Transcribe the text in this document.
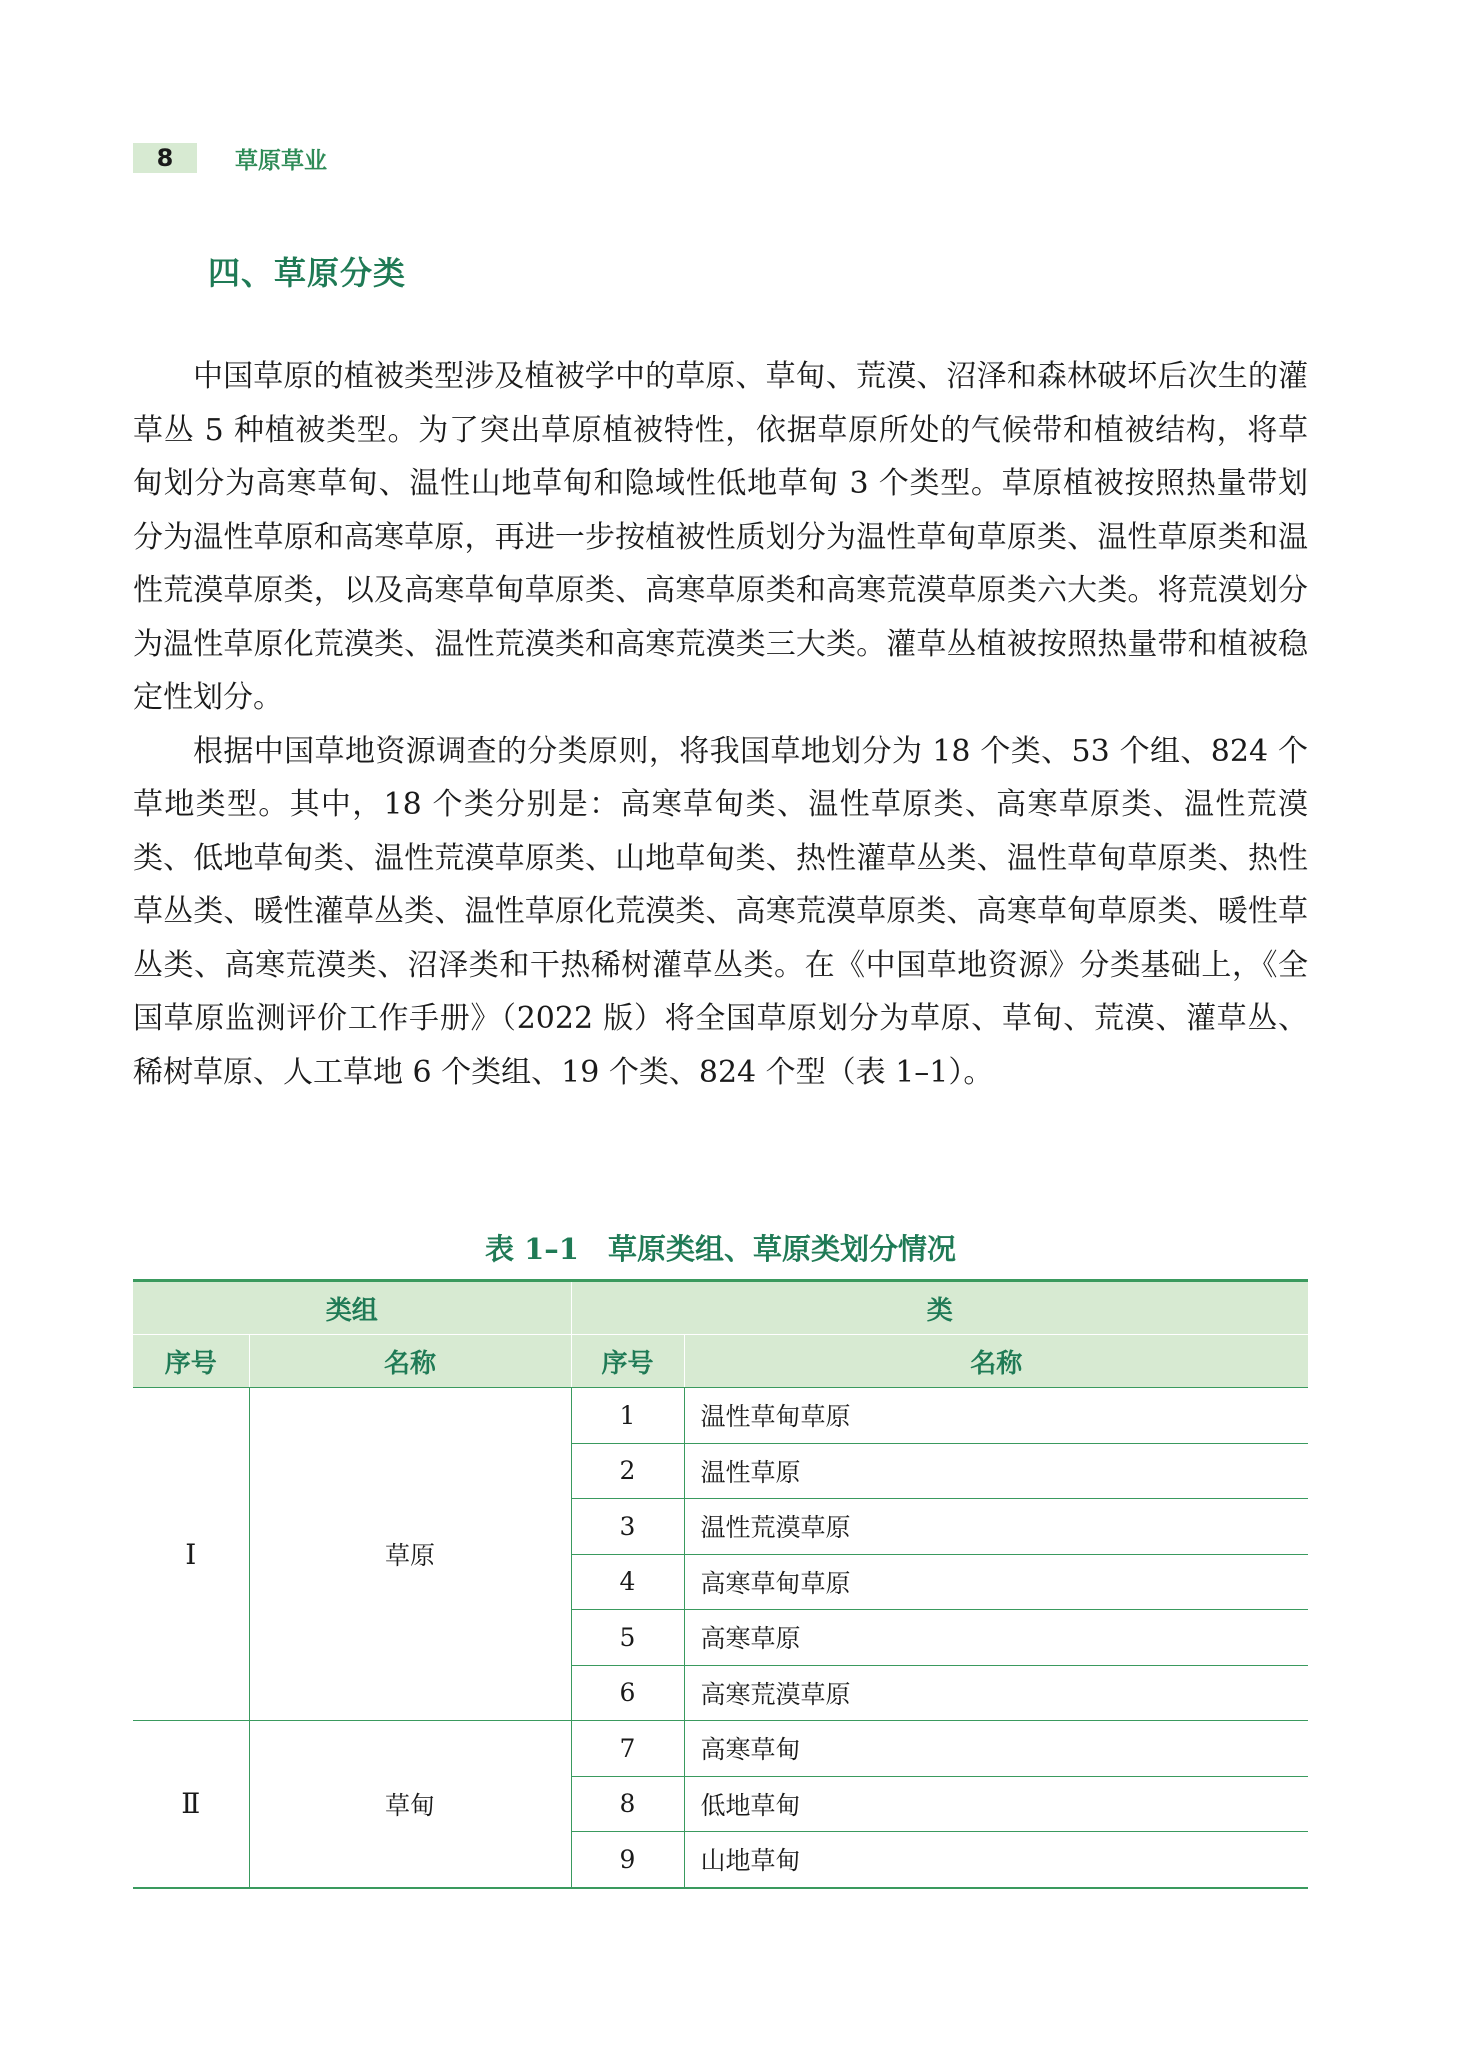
8	草原草业
四、草原分类

中国草原的植被类型涉及植被学中的草原、草甸、荒漠、沼泽和森林破坏后次生的灌草丛 5 种植被类型。为了突出草原植被特性，依据草原所处的气候带和植被结构，将草甸划分为高寒草甸、温性山地草甸和隐域性低地草甸 3 个类型。草原植被按照热量带划分为温性草原和高寒草原，再进一步按植被性质划分为温性草甸草原类、温性草原类和温性荒漠草原类，以及高寒草甸草原类、高寒草原类和高寒荒漠草原类六大类。将荒漠划分为温性草原化荒漠类、温性荒漠类和高寒荒漠类三大类。灌草丛植被按照热量带和植被稳定性划分。

根据中国草地资源调查的分类原则，将我国草地划分为 18 个类、53 个组、824 个草地类型。其中，18 个类分别是：高寒草甸类、温性草原类、高寒草原类、温性荒漠类、低地草甸类、温性荒漠草原类、山地草甸类、热性灌草丛类、温性草甸草原类、热性草丛类、暖性灌草丛类、温性草原化荒漠类、高寒荒漠草原类、高寒草甸草原类、暖性草丛类、高寒荒漠类、沼泽类和干热稀树灌草丛类。在《中国草地资源》分类基础上，《全国草原监测评价工作手册》（2022 版）将全国草原划分为草原、草甸、荒漠、灌草丛、稀树草原、人工草地 6 个类组、19 个类、824 个型（表 1–1）。

表 1–1　草原类组、草原类划分情况
类组		类	
序号	名称	序号	名称
Ⅰ	草原	1	温性草甸草原
		2	温性草原
		3	温性荒漠草原
		4	高寒草甸草原
		5	高寒草原
		6	高寒荒漠草原
Ⅱ	草甸	7	高寒草甸
		8	低地草甸
		9	山地草甸
